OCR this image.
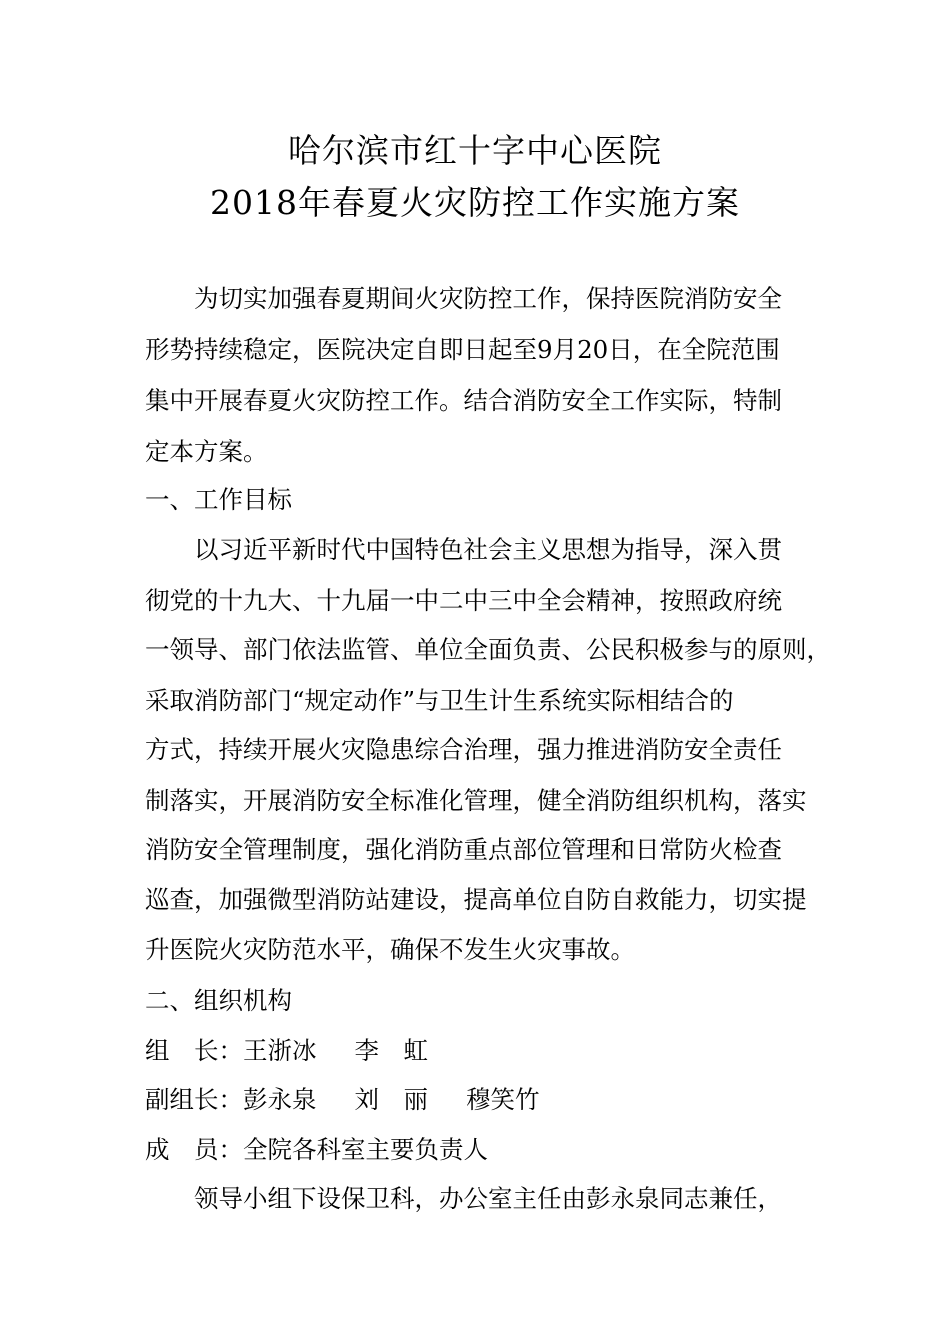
哈尔滨市红十字中心医院
2018年春夏火灾防控工作实施方案
为切实加强春夏期间火灾防控工作，保持医院消防安全
形势持续稳定，医院决定自即日起至9月20日，在全院范围
集中开展春夏火灾防控工作。结合消防安全工作实际，特制
定本方案。
一、工作目标
以习近平新时代中国特色社会主义思想为指导，深入贯
彻党的十九大、十九届一中二中三中全会精神，按照政府统
一领导、部门依法监管、单位全面负责、公民积极参与的原则，
采取消防部门“规定动作”与卫生计生系统实际相结合的
方式，持续开展火灾隐患综合治理，强力推进消防安全责任
制落实，开展消防安全标准化管理，健全消防组织机构，落实
消防安全管理制度，强化消防重点部位管理和日常防火检查
巡查，加强微型消防站建设，提高单位自防自救能力，切实提
升医院火灾防范水平，确保不发生火灾事故。
二、组织机构
组　长：王浙冰 李　虹
副组长：彭永泉 刘　丽 穆笑竹
成　员：全院各科室主要负责人
领导小组下设保卫科，办公室主任由彭永泉同志兼任，
